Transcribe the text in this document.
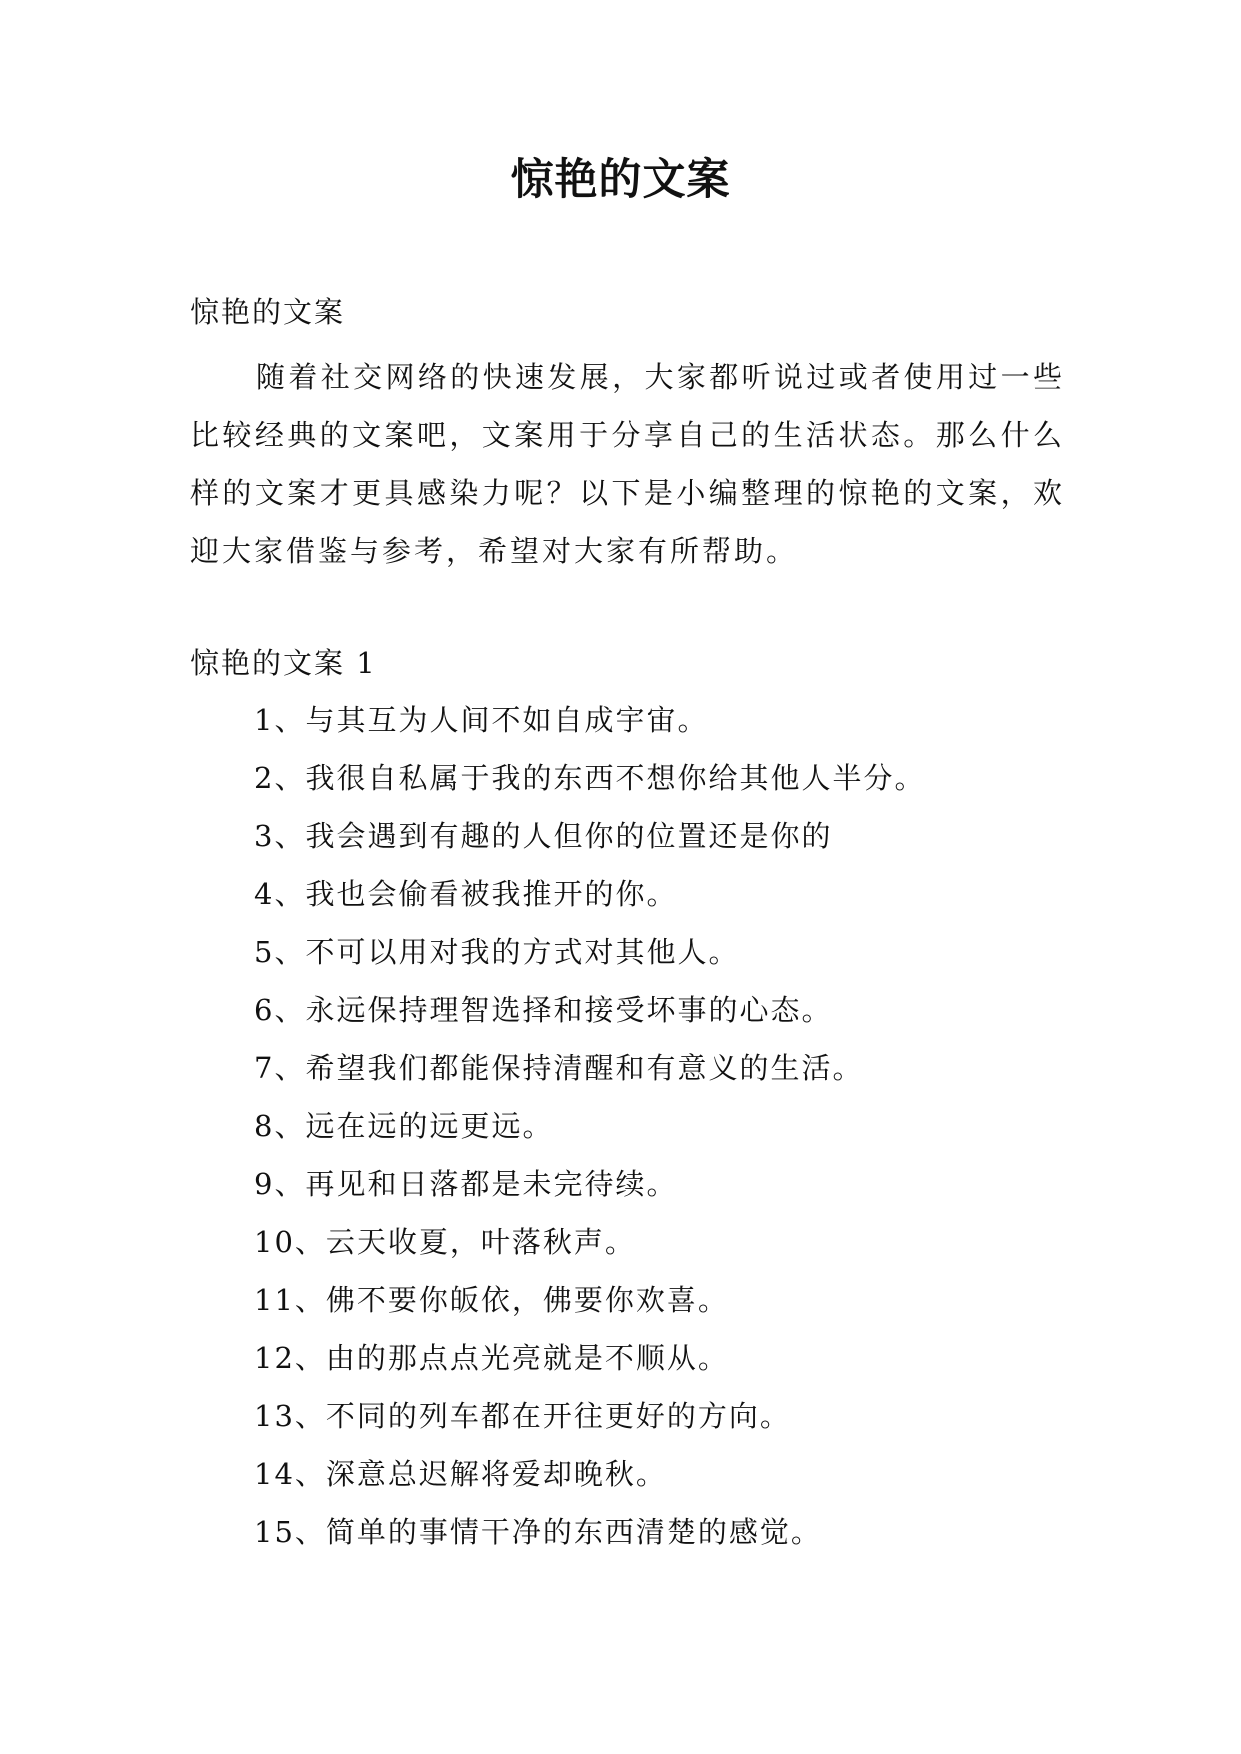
惊艳的文案
惊艳的文案

随着社交网络的快速发展，大家都听说过或者使用过一些比较经典的文案吧，文案用于分享自己的生活状态。那么什么样的文案才更具感染力呢？以下是小编整理的惊艳的文案，欢迎大家借鉴与参考，希望对大家有所帮助。

惊艳的文案 1
1、与其互为人间不如自成宇宙。
2、我很自私属于我的东西不想你给其他人半分。
3、我会遇到有趣的人但你的位置还是你的
4、我也会偷看被我推开的你。
5、不可以用对我的方式对其他人。
6、永远保持理智选择和接受坏事的心态。
7、希望我们都能保持清醒和有意义的生活。
8、远在远的远更远。
9、再见和日落都是未完待续。
10、云天收夏，叶落秋声。
11、佛不要你皈依，佛要你欢喜。
12、由的那点点光亮就是不顺从。
13、不同的列车都在开往更好的方向。
14、深意总迟解将爱却晚秋。
15、简单的事情干净的东西清楚的感觉。
